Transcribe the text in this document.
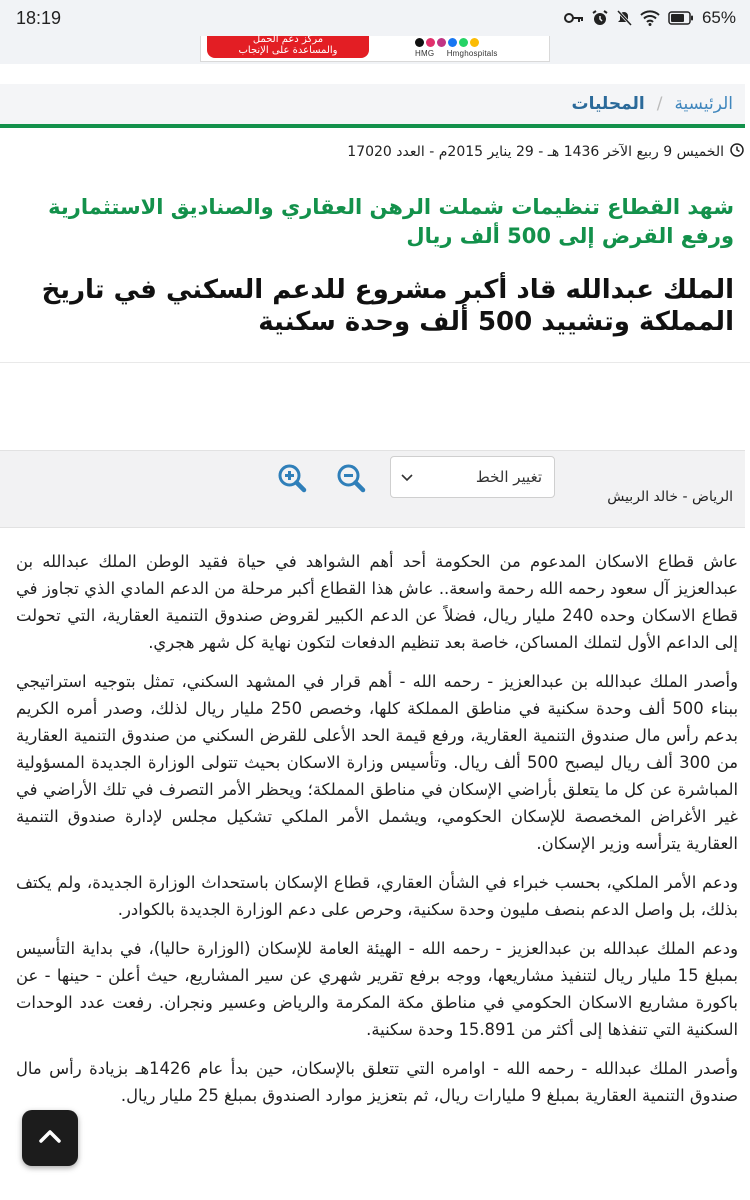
18:19	65%
مركز دعم الحمل
والمساعدة على الإنجاب	HMG Hmghospitals
الرئيسية
/
المحليات
الخميس 9 ربيع الآخر 1436 هـ - 29 يناير 2015م - العدد 17020
شهد القطاع تنظيمات شملت الرهن العقاري والصناديق الاستثمارية ورفع القرض إلى 500 ألف ريال
الملك عبدالله قاد أكبر مشروع للدعم السكني في تاريخ المملكة وتشييد 500 ألف وحدة سكنية
تغيير الخط
الرياض - خالد الربيش

عاش قطاع الاسكان المدعوم من الحكومة أحد أهم الشواهد في حياة فقيد الوطن الملك عبدالله بن عبدالعزيز آل سعود رحمه الله رحمة واسعة.. عاش هذا القطاع أكبر مرحلة من الدعم المادي الذي تجاوز في قطاع الاسكان وحده 240 مليار ريال، فضلاً عن الدعم الكبير لقروض صندوق التنمية العقارية، التي تحولت إلى الداعم الأول لتملك المساكن، خاصة بعد تنظيم الدفعات لتكون نهاية كل شهر هجري.

وأصدر الملك عبدالله بن عبدالعزيز - رحمه الله - أهم قرار في المشهد السكني، تمثل بتوجيه استراتيجي ببناء 500 ألف وحدة سكنية في مناطق المملكة كلها، وخصص 250 مليار ريال لذلك، وصدر أمره الكريم بدعم رأس مال صندوق التنمية العقارية، ورفع قيمة الحد الأعلى للقرض السكني من صندوق التنمية العقارية من 300 ألف ريال ليصبح 500 ألف ريال. وتأسيس وزارة الاسكان بحيث تتولى الوزارة الجديدة المسؤولية المباشرة عن كل ما يتعلق بأراضي الإسكان في مناطق المملكة؛ ويحظر الأمر التصرف في تلك الأراضي في غير الأغراض المخصصة للإسكان الحكومي، ويشمل الأمر الملكي تشكيل مجلس لإدارة صندوق التنمية العقارية يترأسه وزير الإسكان.

ودعم الأمر الملكي، بحسب خبراء في الشأن العقاري، قطاع الإسكان باستحداث الوزارة الجديدة، ولم يكتف بذلك، بل واصل الدعم بنصف مليون وحدة سكنية، وحرص على دعم الوزارة الجديدة بالكوادر.

ودعم الملك عبدالله بن عبدالعزيز - رحمه الله - الهيئة العامة للإسكان (الوزارة حاليا)، في بداية التأسيس بمبلغ 15 مليار ريال لتنفيذ مشاريعها، ووجه برفع تقرير شهري عن سير المشاريع، حيث أعلن - حينها - عن باكورة مشاريع الاسكان الحكومي في مناطق مكة المكرمة والرياض وعسير ونجران. رفعت عدد الوحدات السكنية التي تنفذها إلى أكثر من 15.891 وحدة سكنية.

وأصدر الملك عبدالله - رحمه الله - اوامره التي تتعلق بالإسكان، حين بدأ عام 1426هـ بزيادة رأس مال صندوق التنمية العقارية بمبلغ 9 مليارات ريال، ثم بتعزيز موارد الصندوق بمبلغ 25 مليار ريال.
